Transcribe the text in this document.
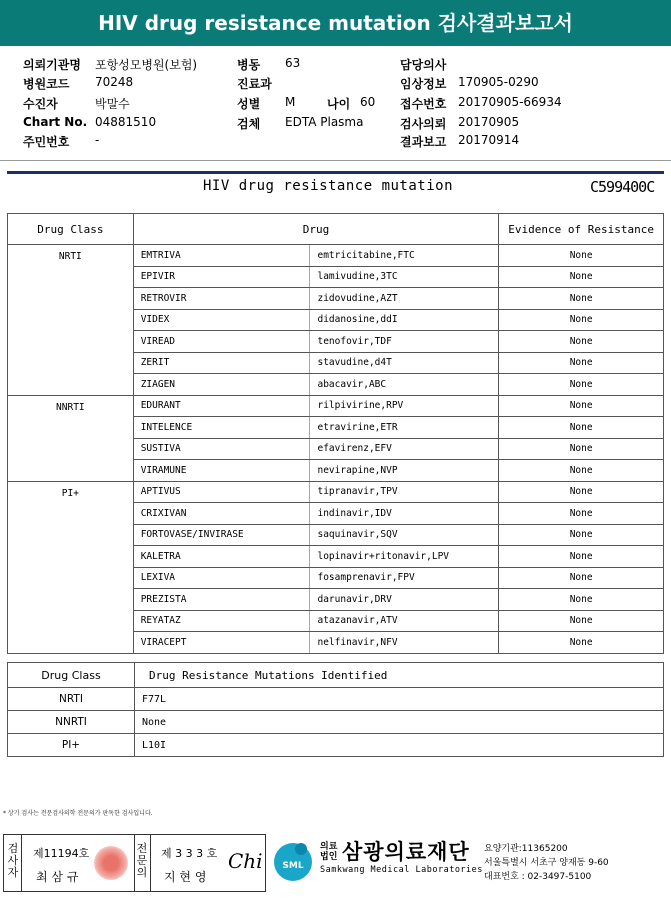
HIV drug resistance mutation 검사결과보고서
의뢰기관명 포항성모병원(보험)
병원코드 70248
수진자	박말수
Chart No. 04881510
주민번호 -
병동 63
진료과
성별 M	나이 60
검체 EDTA Plasma
담당의사
임상정보 170905-0290
접수번호 20170905-66934
검사의뢰 20170905
결과보고 20170914
HIV drug resistance mutation	C599400C
Drug Class	Drug		Evidence of Resistance
NRTI	EMTRIVA	emtricitabine,FTC	None
	EPIVIR	lamivudine,3TC	None
	RETROVIR	zidovudine,AZT	None
	VIDEX	didanosine,ddI	None
	VIREAD	tenofovir,TDF	None
	ZERIT	stavudine,d4T	None
	ZIAGEN	abacavir,ABC	None
NNRTI	EDURANT	rilpivirine,RPV	None
	INTELENCE	etravirine,ETR	None
	SUSTIVA	efavirenz,EFV	None
	VIRAMUNE	nevirapine,NVP	None
PI+	APTIVUS	tipranavir,TPV	None
	CRIXIVAN	indinavir,IDV	None
	FORTOVASE/INVIRASE	saquinavir,SQV	None
	KALETRA	lopinavir+ritonavir,LPV	None
	LEXIVA	fosamprenavir,FPV	None
	PREZISTA	darunavir,DRV	None
	REYATAZ	atazanavir,ATV	None
	VIRACEPT	nelfinavir,NFV	None
Drug Class	Drug Resistance Mutations Identified
NRTI	F77L
NNRTI	None
PI+	L10I
* 상기 검사는 전문검사의학 전문의가 판독한 검사입니다.
검사자
제11194호
최 삼 규
전문의
제 3 3 3 호
지 현 영
Chi SML
의료법인 삼광의료재단
Samkwang Medical Laboratories
요양기관:11365200
서울특별시 서초구 양재동 9-60
대표번호 : 02-3497-5100
